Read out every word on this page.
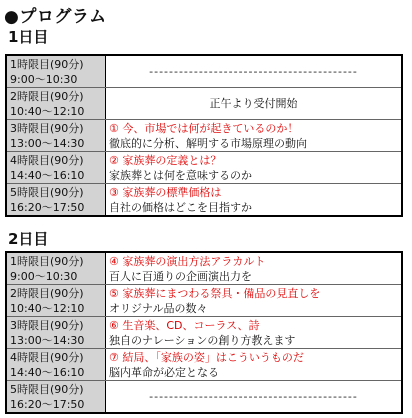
●プログラム
1日目
1時限目(90分)
9:00～10:30	------------------------------------------

2時限目(90分)
10:40～12:10	正午より受付開始

3時限目(90分)
13:00～14:30	① 今、市場では何が起きているのか！
徹底的に分析、解明する市場原理の動向

4時限目(90分)
14:40～16:10	② 家族葬の定義とは？
家族葬とは何を意味するのか

5時限目(90分)
16:20～17:50	③ 家族葬の標準価格は
自社の価格はどこを目指すか
2日目
1時限目(90分)
9:00～10:30	④ 家族葬の演出方法アラカルト
百人に百通りの企画演出力を

2時限目(90分)
10:40～12:10	⑤ 家族葬にまつわる祭具・備品の見直しを
オリジナル品の数々

3時限目(90分)
13:00～14:30	⑥ 生音楽、CD、コーラス、詩
独自のナレーションの創り方教えます

4時限目(90分)
14:40～16:10	⑦ 結局、「家族の姿」はこういうものだ
脳内革命が必定となる

5時限目(90分)
16:20～17:50	------------------------------------------
